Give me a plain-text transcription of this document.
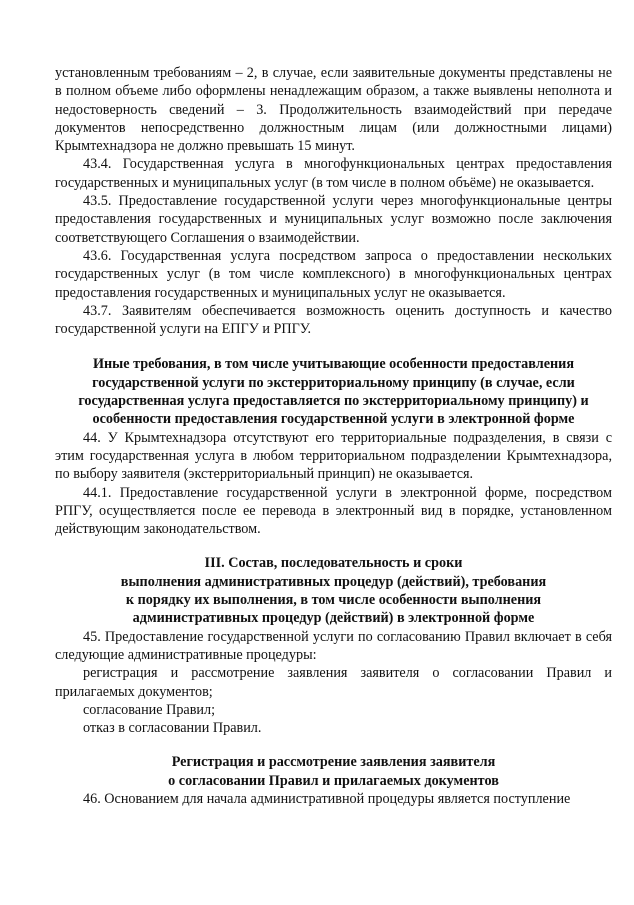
установленным требованиям – 2, в случае, если заявительные документы представлены не в полном объеме либо оформлены ненадлежащим образом, а также выявлены неполнота и недостоверность сведений – 3. Продолжительность взаимодействий при передаче документов непосредственно должностным лицам (или должностными лицами) Крымтехнадзора не должно превышать 15 минут.

43.4. Государственная услуга в многофункциональных центрах предоставления государственных и муниципальных услуг (в том числе в полном объёме) не оказывается.

43.5. Предоставление государственной услуги через многофункциональные центры предоставления государственных и муниципальных услуг возможно после заключения соответствующего Соглашения о взаимодействии.

43.6. Государственная услуга посредством запроса о предоставлении нескольких государственных услуг (в том числе комплексного) в многофункциональных центрах предоставления государственных и муниципальных услуг не оказывается.

43.7. Заявителям обеспечивается возможность оценить доступность и качество государственной услуги на ЕПГУ и РПГУ.

Иные требования, в том числе учитывающие особенности предоставления

государственной услуги по экстерриториальному принципу (в случае, если

государственная услуга предоставляется по экстерриториальному принципу) и

особенности предоставления государственной услуги в электронной форме

44. У Крымтехнадзора отсутствуют его территориальные подразделения, в связи с этим государственная услуга в любом территориальном подразделении Крымтехнадзора, по выбору заявителя (экстерриториальный принцип) не оказывается.

44.1. Предоставление государственной услуги в электронной форме, посредством РПГУ, осуществляется после ее перевода в электронный вид в порядке, установленном действующим законодательством.

III. Состав, последовательность и сроки

выполнения административных процедур (действий), требования

к порядку их выполнения, в том числе особенности выполнения

административных процедур (действий) в электронной форме

45. Предоставление государственной услуги по согласованию Правил включает в себя следующие административные процедуры:

регистрация и рассмотрение заявления заявителя о согласовании Правил и прилагаемых документов;

согласование Правил;

отказ в согласовании Правил.

Регистрация и рассмотрение заявления заявителя

о согласовании Правил и прилагаемых документов

46. Основанием для начала административной процедуры является поступление
